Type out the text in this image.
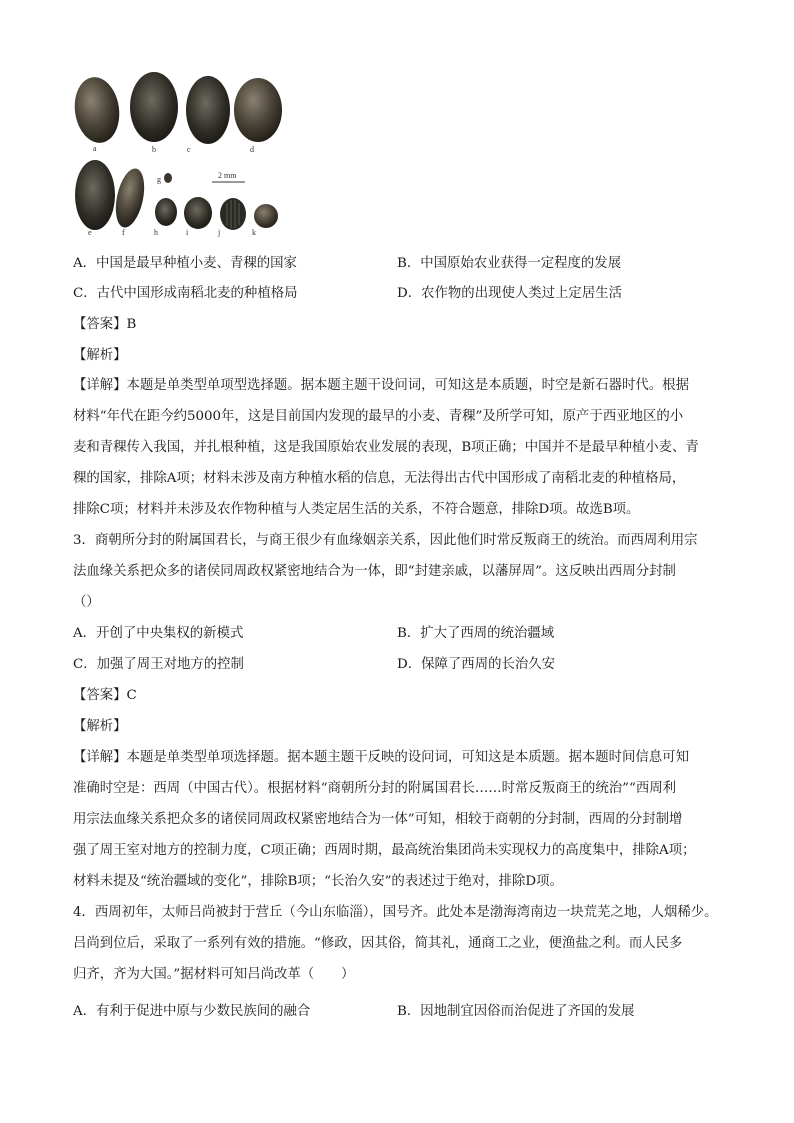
a	b	c	d
2 mm
e	f
g
h	i	j	k
A．中国是最早种植小麦、青稞的国家	B．中国原始农业获得一定程度的发展
C．古代中国形成南稻北麦的种植格局	D．农作物的出现使人类过上定居生活
【答案】B
【解析】
【详解】本题是单类型单项型选择题。据本题主题干设问词，可知这是本质题，时空是新石器时代。根据
材料“年代在距今约5000年，这是目前国内发现的最早的小麦、青稞”及所学可知，原产于西亚地区的小
麦和青稞传入我国，并扎根种植，这是我国原始农业发展的表现，B项正确；中国并不是最早种植小麦、青
稞的国家，排除A项；材料未涉及南方种植水稻的信息，无法得出古代中国形成了南稻北麦的种植格局，
排除C项；材料并未涉及农作物种植与人类定居生活的关系，不符合题意，排除D项。故选B项。
3．商朝所分封的附属国君长，与商王很少有血缘姻亲关系，因此他们时常反叛商王的统治。而西周利用宗
法血缘关系把众多的诸侯同周政权紧密地结合为一体，即“封建亲戚，以藩屏周”。这反映出西周分封制
（）
A．开创了中央集权的新模式	B．扩大了西周的统治疆域
C．加强了周王对地方的控制	D．保障了西周的长治久安
【答案】C
【解析】
【详解】本题是单类型单项选择题。据本题主题干反映的设问词，可知这是本质题。据本题时间信息可知
准确时空是：西周（中国古代）。根据材料“商朝所分封的附属国君长……时常反叛商王的统治”“西周利
用宗法血缘关系把众多的诸侯同周政权紧密地结合为一体”可知，相较于商朝的分封制，西周的分封制增
强了周王室对地方的控制力度，C项正确；西周时期，最高统治集团尚未实现权力的高度集中，排除A项；
材料未提及“统治疆域的变化”，排除B项；“长治久安”的表述过于绝对，排除D项。
4．西周初年，太师吕尚被封于营丘（今山东临淄），国号齐。此处本是渤海湾南边一块荒芜之地，人烟稀少。
吕尚到位后，采取了一系列有效的措施。“修政，因其俗，简其礼，通商工之业，便渔盐之利。而人民多
归齐，齐为大国。”据材料可知吕尚改革（　　）
A．有利于促进中原与少数民族间的融合	B．因地制宜因俗而治促进了齐国的发展
